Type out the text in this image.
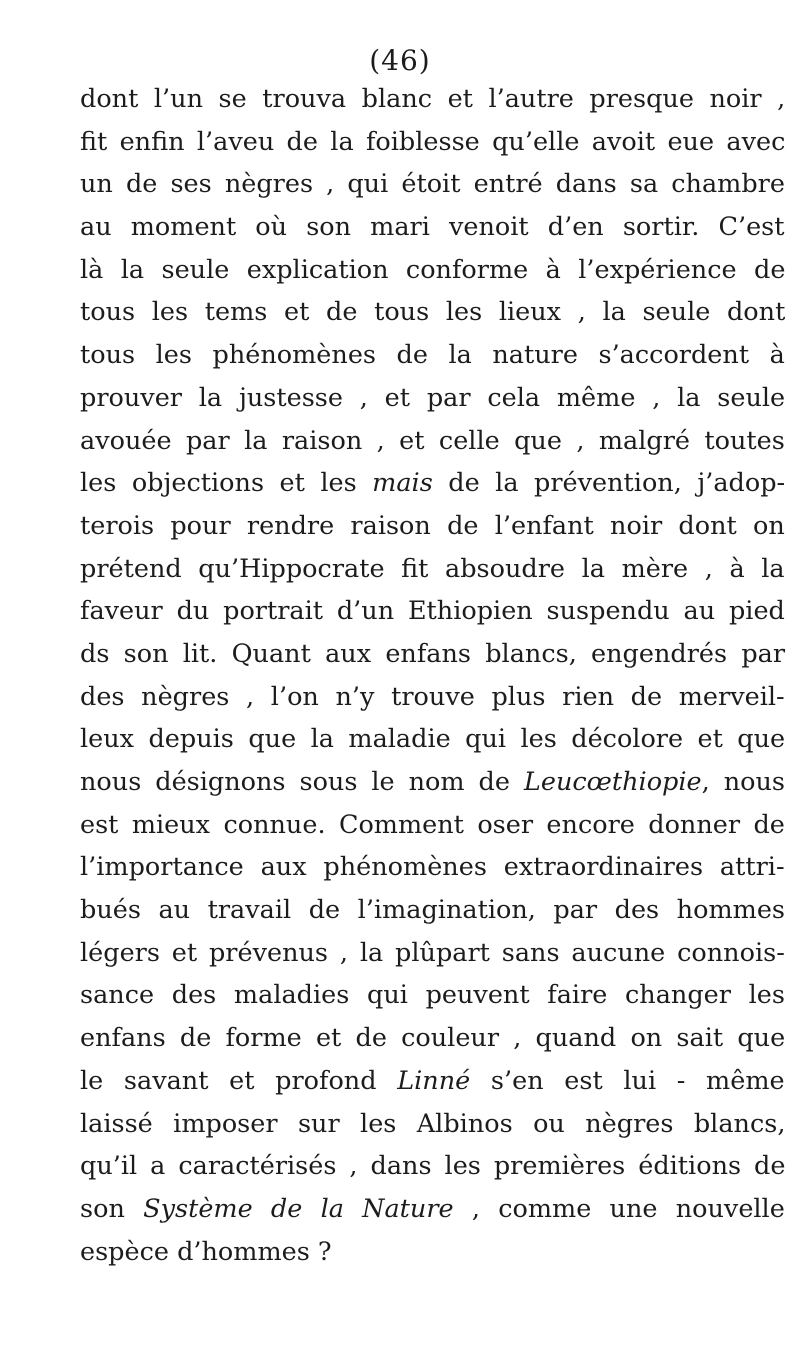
(46)
dont l’un se trouva blanc et l’autre presque noir ,
fit enfin l’aveu de la foiblesse qu’elle avoit eue avec
un de ses nègres , qui étoit entré dans sa chambre
au moment où son mari venoit d’en sortir. C’est
là la seule explication conforme à l’expérience de
tous les tems et de tous les lieux , la seule dont
tous les phénomènes de la nature s’accordent à
prouver la justesse , et par cela même , la seule
avouée par la raison , et celle que , malgré toutes
les objections et les mais de la prévention, j’adop-
terois pour rendre raison de l’enfant noir dont on
prétend qu’Hippocrate fit absoudre la mère , à la
faveur du portrait d’un Ethiopien suspendu au pied
ds son lit. Quant aux enfans blancs, engendrés par
des nègres , l’on n’y trouve plus rien de merveil-
leux depuis que la maladie qui les décolore et que
nous désignons sous le nom de Leucœthiopie, nous
est mieux connue. Comment oser encore donner de
l’importance aux phénomènes extraordinaires attri-
bués au travail de l’imagination, par des hommes
légers et prévenus , la plûpart sans aucune connois-
sance des maladies qui peuvent faire changer les
enfans de forme et de couleur , quand on sait que
le savant et profond Linné s’en est lui - même
laissé imposer sur les Albinos ou nègres blancs,
qu’il a caractérisés , dans les premières éditions de
son Système de la Nature , comme une nouvelle
espèce d’hommes ?
